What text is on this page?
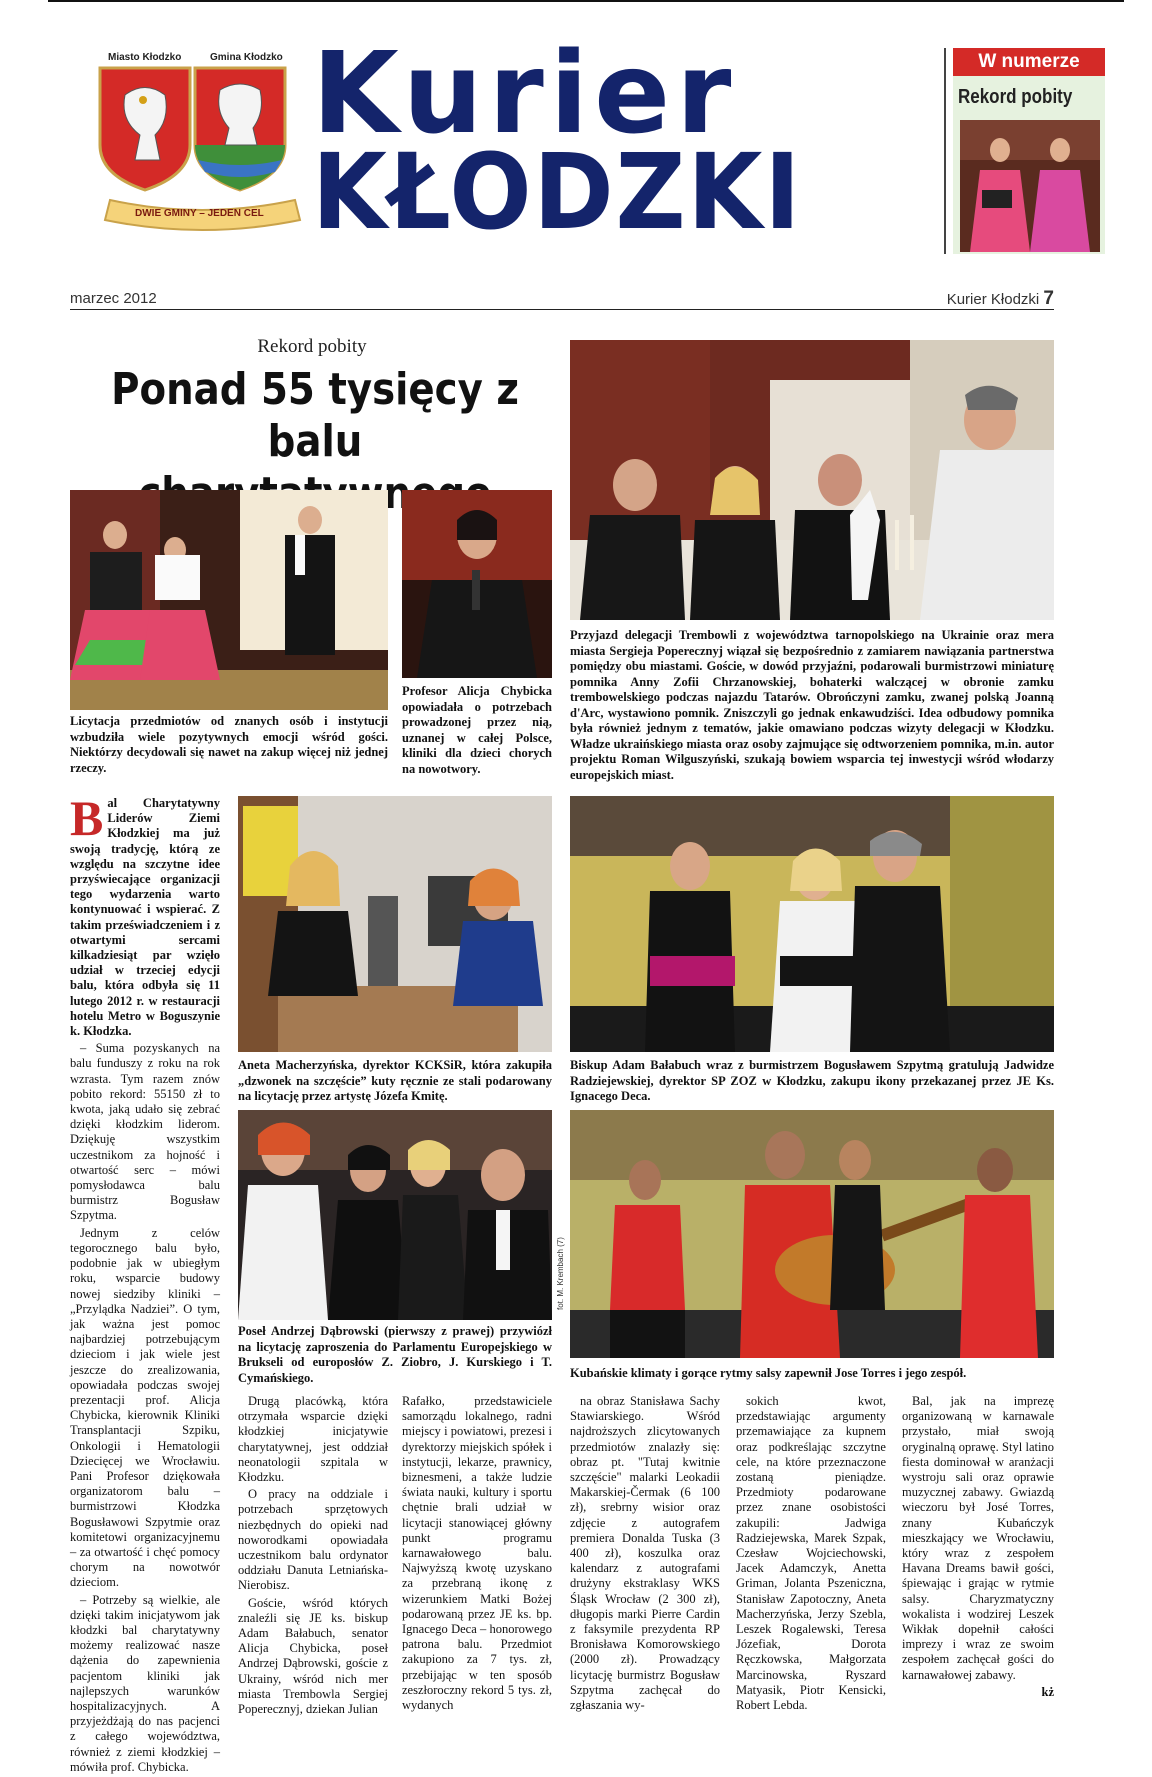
Miasto Kłodzko	Gmina Kłodzko
DWIE GMINY – JEDEN CEL
Kurier
KŁODZKI
W numerze
Rekord pobity
marzec 2012	Kurier Kłodzki 7
Rekord pobity
Ponad 55 tysięcy z balu
Licytacja przedmiotów od znanych osób i instytucji wzbudziła wiele pozytywnych emocji wśród gości. Niektórzy decydowali się nawet na zakup więcej niż jednej rzeczy.
Profesor Alicja Chybicka opowiadała o potrzebach prowadzonej przez nią, uznanej w całej Polsce, kliniki dla dzieci chorych na nowotwory.
Przyjazd delegacji Trembowli z województwa tarnopolskiego na Ukrainie oraz mera miasta Sergieja Poperecznyj wiązał się bezpośrednio z zamiarem nawiązania partnerstwa pomiędzy obu miastami. Goście, w dowód przyjaźni, podarowali burmistrzowi miniaturę pomnika Anny Zofii Chrzanowskiej, bohaterki walczącej w obronie zamku trembowelskiego podczas najazdu Tatarów. Obrończyni zamku, zwanej polską Joanną d'Arc, wystawiono pomnik. Zniszczyli go jednak enkawudziści. Idea odbudowy pomnika była również jednym z tematów, jakie omawiano podczas wizyty delegacji w Kłodzku. Władze ukraińskiego miasta oraz osoby zajmujące się odtworzeniem pomnika, m.in. autor projektu Roman Wilguszyński, szukają bowiem wsparcia tej inwestycji wśród włodarzy europejskich miast.

Bal Charytatywny Liderów Ziemi Kłodzkiej ma już swoją tradycję, którą ze względu na szczytne idee przyświecające organizacji tego wydarzenia warto kontynuować i wspierać. Z takim przeświadczeniem i z otwartymi sercami kilkadziesiąt par wzięło udział w trzeciej edycji balu, która odbyła się 11 lutego 2012 r. w restauracji hotelu Metro w Boguszynie k. Kłodzka.

– Suma pozyskanych na balu funduszy z roku na rok wzrasta. Tym razem znów pobito rekord: 55150 zł to kwota, jaką udało się zebrać dzięki kłodzkim liderom. Dziękuję wszystkim uczestnikom za hojność i otwartość serc – mówi pomysłodawca balu burmistrz Bogusław Szpytma.

Jednym z celów tegorocznego balu było, podobnie jak w ubiegłym roku, wsparcie budowy nowej siedziby kliniki – „Przylądka Nadziei”. O tym, jak ważna jest pomoc najbardziej potrzebującym dzieciom i jak wiele jest jeszcze do zrealizowania, opowiadała podczas swojej prezentacji prof. Alicja Chybicka, kierownik Kliniki Transplantacji Szpiku, Onkologii i Hematologii Dziecięcej we Wrocławiu. Pani Profesor dziękowała organizatorom balu – burmistrzowi Kłodzka Bogusławowi Szpytmie oraz komitetowi organizacyjnemu – za otwartość i chęć pomocy chorym na nowotwór dzieciom.

– Potrzeby są wielkie, ale dzięki takim inicjatywom jak kłodzki bal charytatywny możemy realizować nasze dążenia do zapewnienia pacjentom kliniki jak najlepszych warunków hospitalizacyjnych. A przyjeżdżają do nas pacjenci z całego województwa, również z ziemi kłodzkiej – mówiła prof. Chybicka.

Aneta Macherzyńska, dyrektor KCKSiR, która zakupiła „dzwonek na szczęście” kuty ręcznie ze stali podarowany na licytację przez artystę Józefa Kmitę.
Biskup Adam Bałabuch wraz z burmistrzem Bogusławem Szpytmą gratulują Jadwidze Radziejewskiej, dyrektor SP ZOZ w Kłodzku, zakupu ikony przekazanej przez JE Ks. Ignacego Deca.
fot. M. Krembach (7)
Poseł Andrzej Dąbrowski (pierwszy z prawej) przywiózł na licytację zaproszenia do Parlamentu Europejskiego w Brukseli od europosłów Z. Ziobro, J. Kurskiego i T. Cymańskiego.	Kubańskie klimaty i gorące rytmy salsy zapewnił Jose Torres i jego zespół.

Drugą placówką, która otrzymała wsparcie dzięki kłodzkiej inicjatywie charytatywnej, jest oddział neonatologii szpitala w Kłodzku.

O pracy na oddziale i potrzebach sprzętowych niezbędnych do opieki nad noworodkami opowiadała uczestnikom balu ordynator oddziału Danuta Letniańska-Nierobisz.

Goście, wśród których znaleźli się JE ks. biskup Adam Bałabuch, senator Alicja Chybicka, poseł Andrzej Dąbrowski, goście z Ukrainy, wśród nich mer miasta Trembowla Sergiej Poperecznyj, dziekan Julian

Rafałko, przedstawiciele samorządu lokalnego, radni miejscy i powiatowi, prezesi i dyrektorzy miejskich spółek i instytucji, lekarze, prawnicy, biznesmeni, a także ludzie świata nauki, kultury i sportu chętnie brali udział w licytacji stanowiącej główny punkt programu karnawałowego balu. Najwyższą kwotę uzyskano za przebraną ikonę z wizerunkiem Matki Bożej podarowaną przez JE ks. bp. Ignacego Deca – honorowego patrona balu. Przedmiot zakupiono za 7 tys. zł, przebijając w ten sposób zeszłoroczny rekord 5 tys. zł, wydanych

na obraz Stanisława Sachy Stawiarskiego. Wśród najdroższych zlicytowanych przedmiotów znalazły się: obraz pt. "Tutaj kwitnie szczęście" malarki Leokadii Makarskiej-Čermak (6 100 zł), srebrny wisior oraz zdjęcie z autografem premiera Donalda Tuska (3 400 zł), koszulka oraz kalendarz z autografami drużyny ekstraklasy WKS Śląsk Wrocław (2 300 zł), długopis marki Pierre Cardin z faksymile prezydenta RP Bronisława Komorowskiego (2000 zł). Prowadzący licytację burmistrz Bogusław Szpytma zachęcał do zgłaszania wy-

sokich kwot, przedstawiając argumenty przemawiające za kupnem oraz podkreślając szczytne cele, na które przeznaczone zostaną pieniądze. Przedmioty podarowane przez znane osobistości zakupili: Jadwiga Radziejewska, Marek Szpak, Czesław Wojciechowski, Jacek Adamczyk, Anetta Griman, Jolanta Pszeniczna, Stanisław Zapotoczny, Aneta Macherzyńska, Jerzy Szebla, Leszek Rogalewski, Teresa Józefiak, Dorota Ręczkowska, Małgorzata Marcinowska, Ryszard Matyasik, Piotr Kensicki, Robert Lebda.

Bal, jak na imprezę organizowaną w karnawale przystało, miał swoją oryginalną oprawę. Styl latino fiesta dominował w aranżacji wystroju sali oraz oprawie muzycznej zabawy. Gwiazdą wieczoru był José Torres, znany Kubańczyk mieszkający we Wrocławiu, który wraz z zespołem Havana Dreams bawił gości, śpiewając i grając w rytmie salsy. Charyzmatyczny wokalista i wodzirej Leszek Wikłak dopełnił całości imprezy i wraz ze swoim zespołem zachęcał gości do karnawałowej zabawy.

kż
